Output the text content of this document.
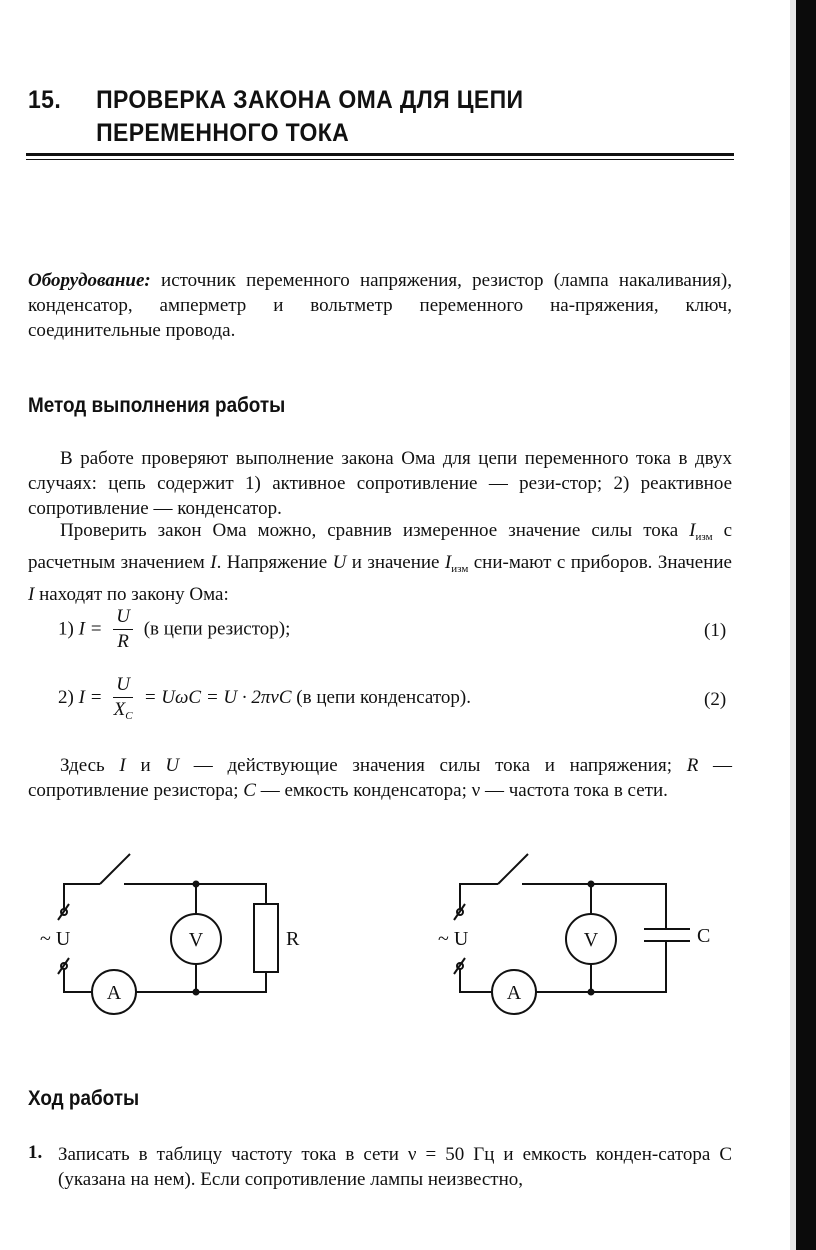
15. ПРОВЕРКА ЗАКОНА ОМА ДЛЯ ЦЕПИ ПЕРЕМЕННОГО ТОКА
Оборудование: источник переменного напряжения, резистор (лампа накаливания), конденсатор, амперметр и вольтметр переменного на-пряжения, ключ, соединительные провода.
Метод выполнения работы
В работе проверяют выполнение закона Ома для цепи переменного тока в двух случаях: цепь содержит 1) активное сопротивление — рези-стор; 2) реактивное сопротивление — конденсатор.
Проверить закон Ома можно, сравнив измеренное значение силы тока $I_{изм}$ с расчетным значением I. Напряжение U и значение $I_{изм}$ сни-мают с приборов. Значение I находят по закону Ома:
1) $I = \frac{U}{R} (в$ цепи резистор);	(1)
2) $I = \frac{U}{X_C} = U\omega C = U \cdot 2\pi\nu C$ (в цепи конденсатор).	(2)
Здесь I и U — действующие значения силы тока и напряжения; R — сопротивление резистора; C — емкость конденсатора; ν — частота тока в сети.
~ U	V
A
R	~ U	V
A
C
Ход работы
1. Записать в таблицу частоту тока в сети ν = 50 Гц и емкость конден-сатора C (указана на нем). Если сопротивление лампы неизвестно,
